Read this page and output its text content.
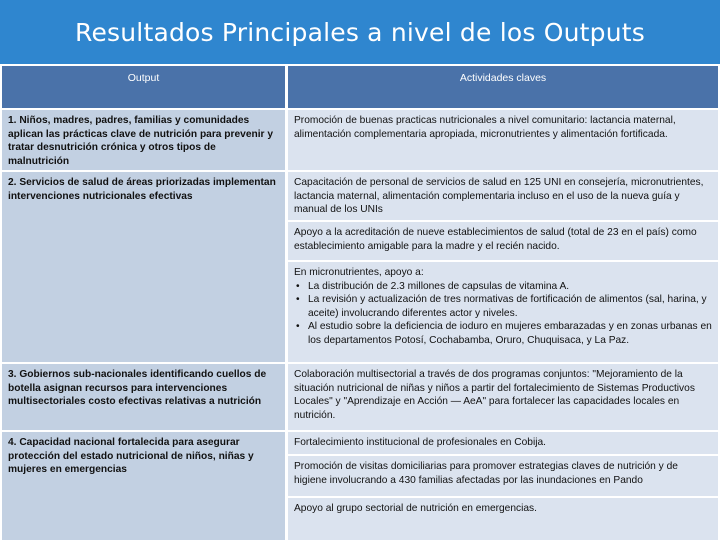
Resultados Principales a nivel de los Outputs
Output	Actividades claves
1. Niños, madres, padres, familias y comunidades aplican las prácticas clave de nutrición para prevenir y tratar desnutrición crónica y otros tipos de malnutrición
Promoción de buenas practicas nutricionales a nivel comunitario: lactancia maternal, alimentación complementaria apropiada, micronutrientes y alimentación fortificada.
2. Servicios de salud de áreas priorizadas implementan intervenciones nutricionales efectivas
Capacitación de personal de servicios de salud en 125 UNI en consejería, micronutrientes, lactancia maternal, alimentación complementaria incluso en el uso de la nueva guía y manual de los UNIs
Apoyo a la acreditación de nueve establecimientos de salud (total de 23 en el país) como establecimiento amigable para la madre y el recién nacido.
En micronutrientes, apoyo a:
• La distribución de 2.3 millones de capsulas de vitamina A.
• La revisión y actualización de tres normativas de fortificación de alimentos (sal, harina, y aceite) involucrando diferentes actor y niveles.
• Al estudio sobre la deficiencia de ioduro en mujeres embarazadas y en zonas urbanas en los departamentos Potosí, Cochabamba, Oruro, Chuquisaca, y La Paz.
3. Gobiernos sub-nacionales identificando cuellos de botella asignan recursos para intervenciones multisectoriales costo efectivas relativas a nutrición
Colaboración multisectorial a través de dos programas conjuntos: "Mejoramiento de la situación nutricional de niñas y niños a partir del fortalecimiento de Sistemas Productivos Locales" y "Aprendizaje en Acción — AeA" para fortalecer las capacidades locales en nutrición.
4. Capacidad nacional fortalecida para asegurar protección del estado nutricional de niños, niñas y mujeres en emergencias
Fortalecimiento institucional de profesionales en Cobija.
Promoción de visitas domiciliarias para promover estrategias claves de nutrición y de higiene involucrando a 430 familias afectadas por las inundaciones en Pando
Apoyo al grupo sectorial de nutrición en emergencias.
